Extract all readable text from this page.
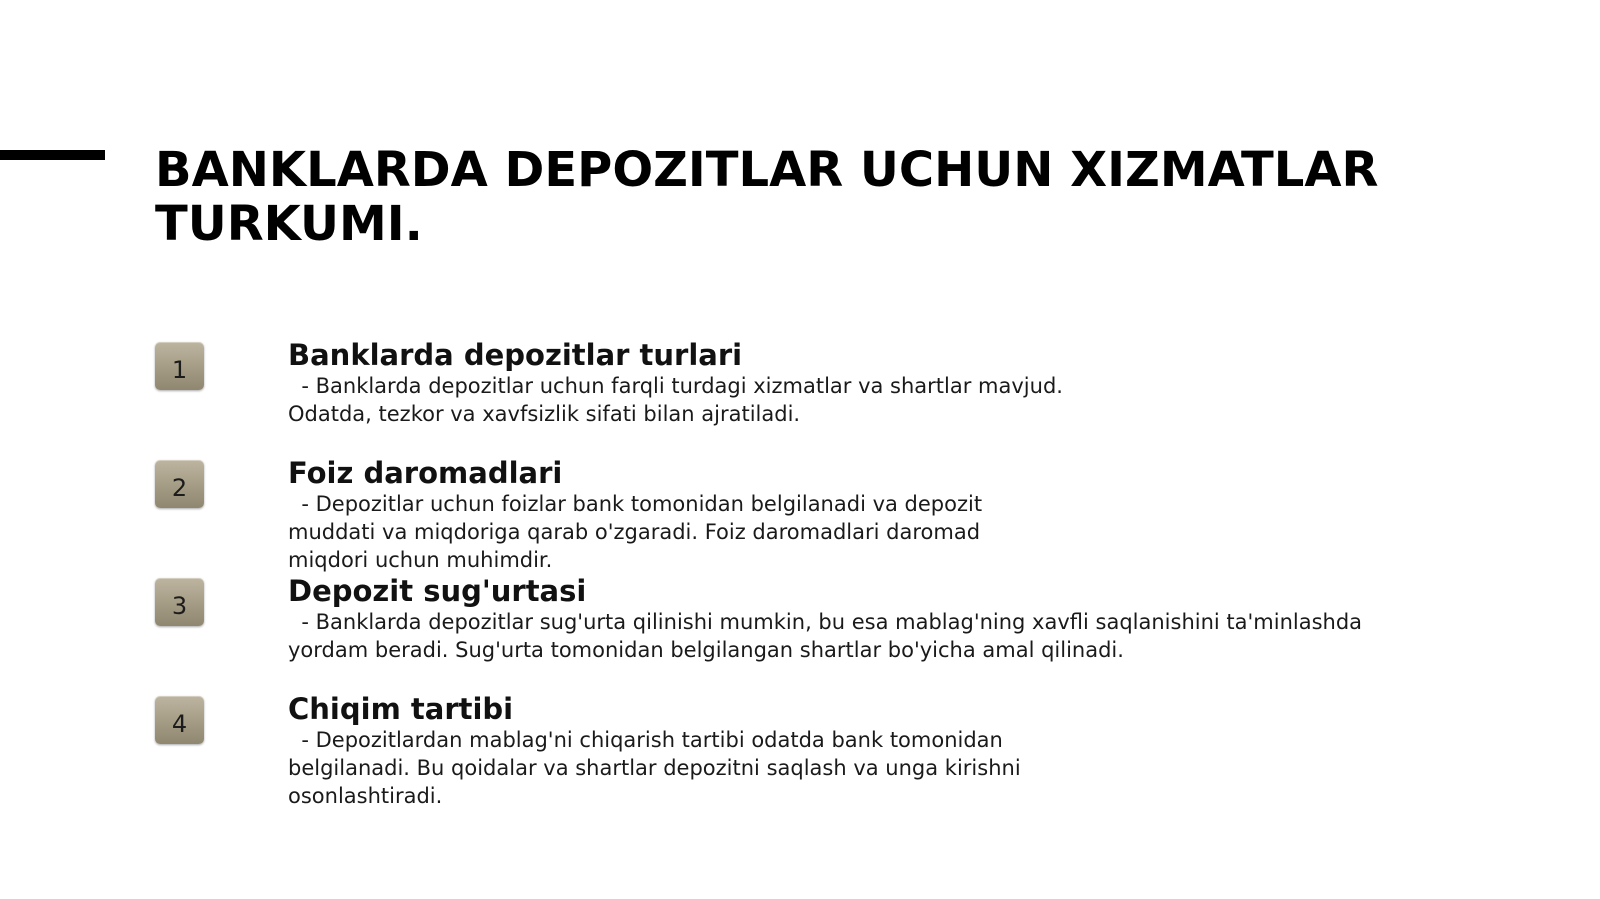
BANKLARDA DEPOZITLAR UCHUN XIZMATLAR
TURKUMI.
1	Banklarda depozitlar turlari

- Banklarda depozitlar uchun farqli turdagi xizmatlar va shartlar mavjud.
Odatda, tezkor va xavfsizlik sifati bilan ajratiladi.

2	Foiz daromadlari

- Depozitlar uchun foizlar bank tomonidan belgilanadi va depozit
muddati va miqdoriga qarab o'zgaradi. Foiz daromadlari daromad
miqdori uchun muhimdir.

3	Depozit sug'urtasi

- Banklarda depozitlar sug'urta qilinishi mumkin, bu esa mablag'ning xavfli saqlanishini ta'minlashda
yordam beradi. Sug'urta tomonidan belgilangan shartlar bo'yicha amal qilinadi.

4	Chiqim tartibi

- Depozitlardan mablag'ni chiqarish tartibi odatda bank tomonidan
belgilanadi. Bu qoidalar va shartlar depozitni saqlash va unga kirishni
osonlashtiradi.
